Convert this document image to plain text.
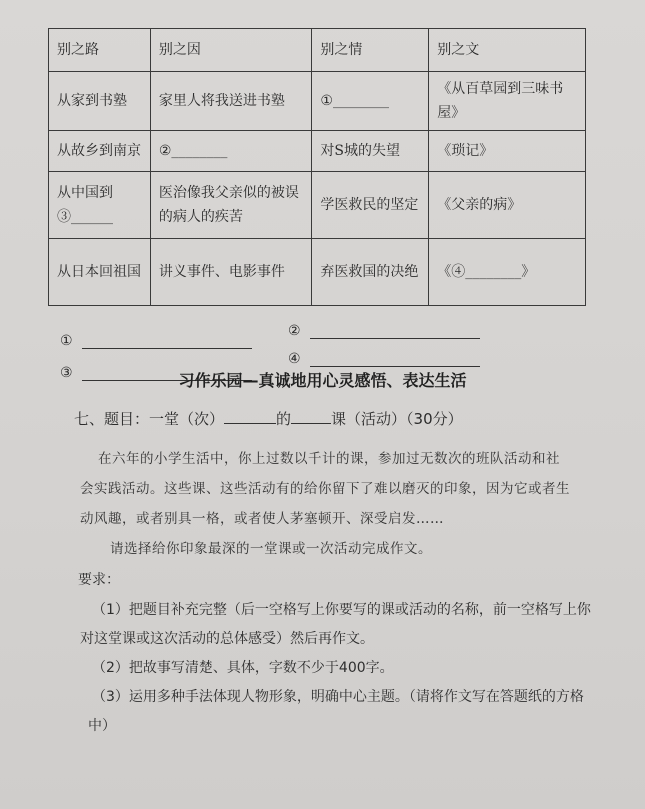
别之路	别之因	别之情	别之文
从家到书塾	家里人将我送进书塾	①________	《从百草园到三味书屋》
从故乡到南京	②________	对S城的失望	《琐记》
从中国到③______	医治像我父亲似的被误的病人的疾苦	学医救民的坚定	《父亲的病》
从日本回祖国	讲义事件、电影事件	弃医救国的决绝	《④________》
②
①
④
③	习作乐园—真诚地用心灵感悟、表达生活
七、题目：一堂（次）	的	课（活动）（30分）
在六年的小学生活中，你上过数以千计的课，参加过无数次的班队活动和社
会实践活动。这些课、这些活动有的给你留下了难以磨灭的印象，因为它或者生
动风趣，或者别具一格，或者使人茅塞顿开、深受启发……
请选择给你印象最深的一堂课或一次活动完成作文。
要求：
（1）把题目补充完整（后一空格写上你要写的课或活动的名称，前一空格写上你
对这堂课或这次活动的总体感受）然后再作文。
（2）把故事写清楚、具体，字数不少于400字。
（3）运用多种手法体现人物形象，明确中心主题。（请将作文写在答题纸的方格
中）
